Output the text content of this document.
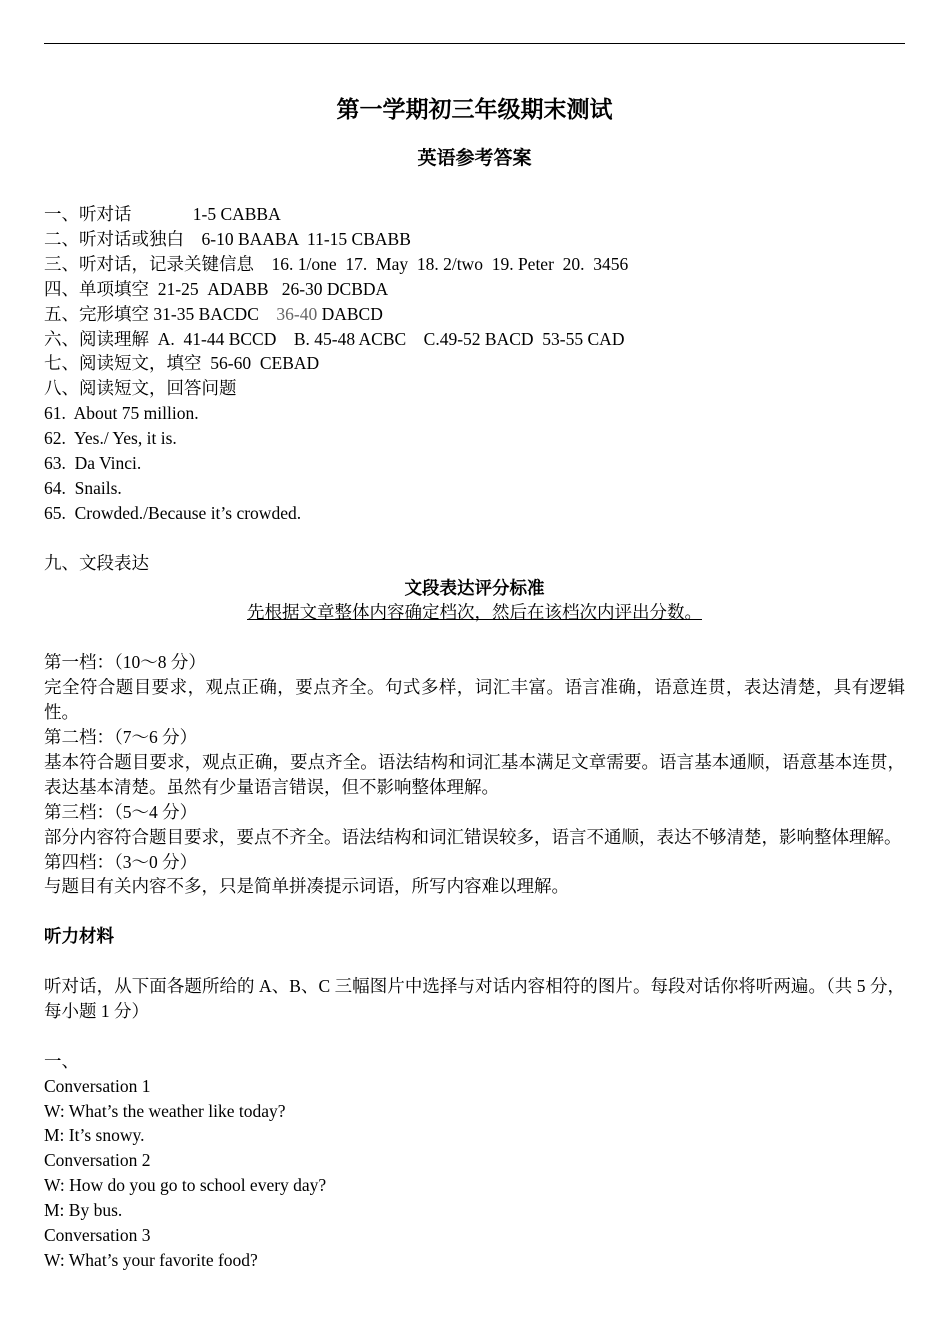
第一学期初三年级期末测试
英语参考答案
一、听对话              1-5 CABBA
二、听对话或独白    6-10 BAABA  11-15 CBABB
三、听对话，记录关键信息    16. 1/one  17.  May  18. 2/two  19. Peter  20.  3456
四、单项填空  21-25  ADABB   26-30 DCBDA
五、完形填空 31-35 BACDC    36-40 DABCD
六、阅读理解  A.  41-44 BCCD    B. 45-48 ACBC    C.49-52 BACD  53-55 CAD
七、阅读短文，填空  56-60  CEBAD
八、阅读短文，回答问题
61.  About 75 million.
62.  Yes./ Yes, it is.
63.  Da Vinci.
64.  Snails.
65.  Crowded./Because it’s crowded.
九、文段表达
文段表达评分标准
先根据文章整体内容确定档次，然后在该档次内评出分数。
第一档：（10～8 分）
完全符合题目要求，观点正确，要点齐全。句式多样，词汇丰富。语言准确，语意连贯，表达清楚，具有逻辑性。
第二档：（7～6 分）
基本符合题目要求，观点正确，要点齐全。语法结构和词汇基本满足文章需要。语言基本通顺，语意基本连贯，表达基本清楚。虽然有少量语言错误，但不影响整体理解。
第三档：（5～4 分）
部分内容符合题目要求，要点不齐全。语法结构和词汇错误较多，语言不通顺，表达不够清楚，影响整体理解。
第四档：（3～0 分）
与题目有关内容不多，只是简单拼凑提示词语，所写内容难以理解。
听力材料
听对话，从下面各题所给的 A、B、C 三幅图片中选择与对话内容相符的图片。每段对话你将听两遍。（共 5 分，每小题 1 分）
一、
Conversation 1
W: What’s the weather like today?
M: It’s snowy.
Conversation 2
W: How do you go to school every day?
M: By bus.
Conversation 3
W: What’s your favorite food?
